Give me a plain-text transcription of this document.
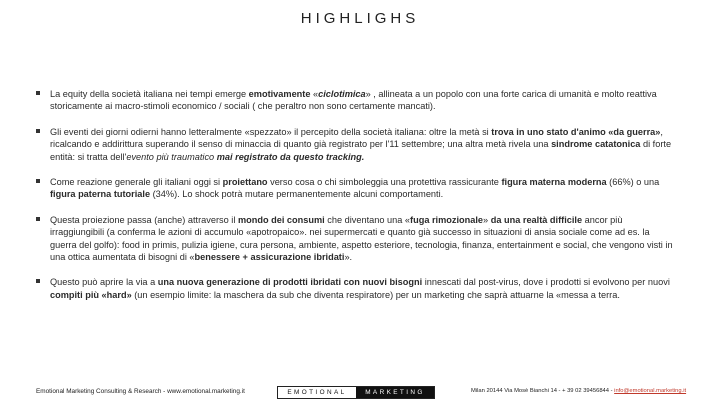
HIGHLIGHS
La equity della società italiana nei tempi emerge emotivamente «ciclotimica» , allineata a un popolo con una forte carica di umanità e molto reattiva storicamente ai macro-stimoli economico / sociali ( che peraltro non sono certamente mancati).
Gli eventi dei giorni odierni hanno letteralmente «spezzato» il percepito della società italiana: oltre la metà si trova in uno stato d'animo «da guerra», ricalcando e addirittura superando il senso di minaccia di quanto già registrato per l'11 settembre; una altra metà rivela una sindrome catatonica di forte entità: si tratta dell'evento più traumatico mai registrato da questo tracking.
Come reazione generale gli italiani oggi si proiettano verso cosa o chi simboleggia una protettiva rassicurante figura materna moderna (66%) o una figura paterna tutoriale (34%). Lo shock potrà mutare permanentemente alcuni comportamenti.
Questa proiezione passa (anche) attraverso il mondo dei consumi che diventano una «fuga rimozionale» da una realtà difficile ancor più irraggiungibili (a conferma le azioni di accumulo «apotropaico». nei supermercati e quanto già successo in situazioni di ansia sociale come ad es. la guerra del golfo): food in primis, pulizia igiene, cura persona, ambiente, aspetto esteriore, tecnologia, finanza, entertainment e social, che vengono visti in una ottica aumentata di bisogni di «benessere + assicurazione ibridati».
Questo può aprire la via a una nuova generazione di prodotti ibridati con nuovi bisogni innescati dal post-virus, dove i prodotti si evolvono per nuovi compiti più «hard» (un esempio limite: la maschera da sub che diventa respiratore) per un marketing che saprà attuarne la «messa a terra.
Emotional Marketing Consulting & Research - www.emotional.marketing.it	EMOTIONAL	MARKETING	Milan 20144 Via Mosè Bianchi 14 - + 39 02 39456844 - info@emotional.marketing.it
